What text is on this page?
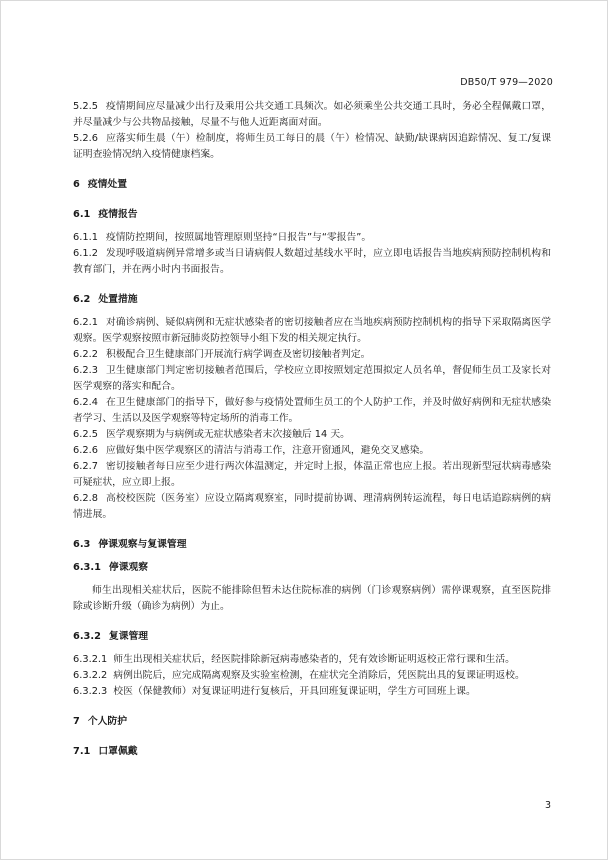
DB50/T 979—2020

5.2.5 疫情期间应尽量减少出行及乘用公共交通工具频次。如必须乘坐公共交通工具时，务必全程佩戴口罩，并尽量减少与公共物品接触，尽量不与他人近距离面对面。

5.2.6 应落实师生晨（午）检制度，将师生员工每日的晨（午）检情况、缺勤/缺课病因追踪情况、复工/复课证明查验情况纳入疫情健康档案。

6 疫情处置

6.1 疫情报告

6.1.1 疫情防控期间，按照属地管理原则坚持“日报告”与“零报告”。

6.1.2 发现呼吸道病例异常增多或当日请病假人数超过基线水平时，应立即电话报告当地疾病预防控制机构和教育部门，并在两小时内书面报告。

6.2 处置措施

6.2.1 对确诊病例、疑似病例和无症状感染者的密切接触者应在当地疾病预防控制机构的指导下采取隔离医学观察。医学观察按照市新冠肺炎防控领导小组下发的相关规定执行。

6.2.2 积极配合卫生健康部门开展流行病学调查及密切接触者判定。

6.2.3 卫生健康部门判定密切接触者范围后，学校应立即按照划定范围拟定人员名单，督促师生员工及家长对医学观察的落实和配合。

6.2.4 在卫生健康部门的指导下，做好参与疫情处置师生员工的个人防护工作，并及时做好病例和无症状感染者学习、生活以及医学观察等特定场所的消毒工作。

6.2.5 医学观察期为与病例或无症状感染者末次接触后 14 天。

6.2.6 应做好集中医学观察区的清洁与消毒工作，注意开窗通风，避免交叉感染。

6.2.7 密切接触者每日应至少进行两次体温测定，并定时上报，体温正常也应上报。若出现新型冠状病毒感染可疑症状，应立即上报。

6.2.8 高校校医院（医务室）应设立隔离观察室，同时提前协调、理清病例转运流程，每日电话追踪病例的病情进展。

6.3 停课观察与复课管理

6.3.1 停课观察

师生出现相关症状后，医院不能排除但暂未达住院标准的病例（门诊观察病例）需停课观察，直至医院排除或诊断升级（确诊为病例）为止。

6.3.2 复课管理

6.3.2.1 师生出现相关症状后，经医院排除新冠病毒感染者的，凭有效诊断证明返校正常行课和生活。

6.3.2.2 病例出院后，应完成隔离观察及实验室检测，在症状完全消除后，凭医院出具的复课证明返校。

6.3.2.3 校医（保健教师）对复课证明进行复核后，开具回班复课证明，学生方可回班上课。

7 个人防护

7.1 口罩佩戴

3
